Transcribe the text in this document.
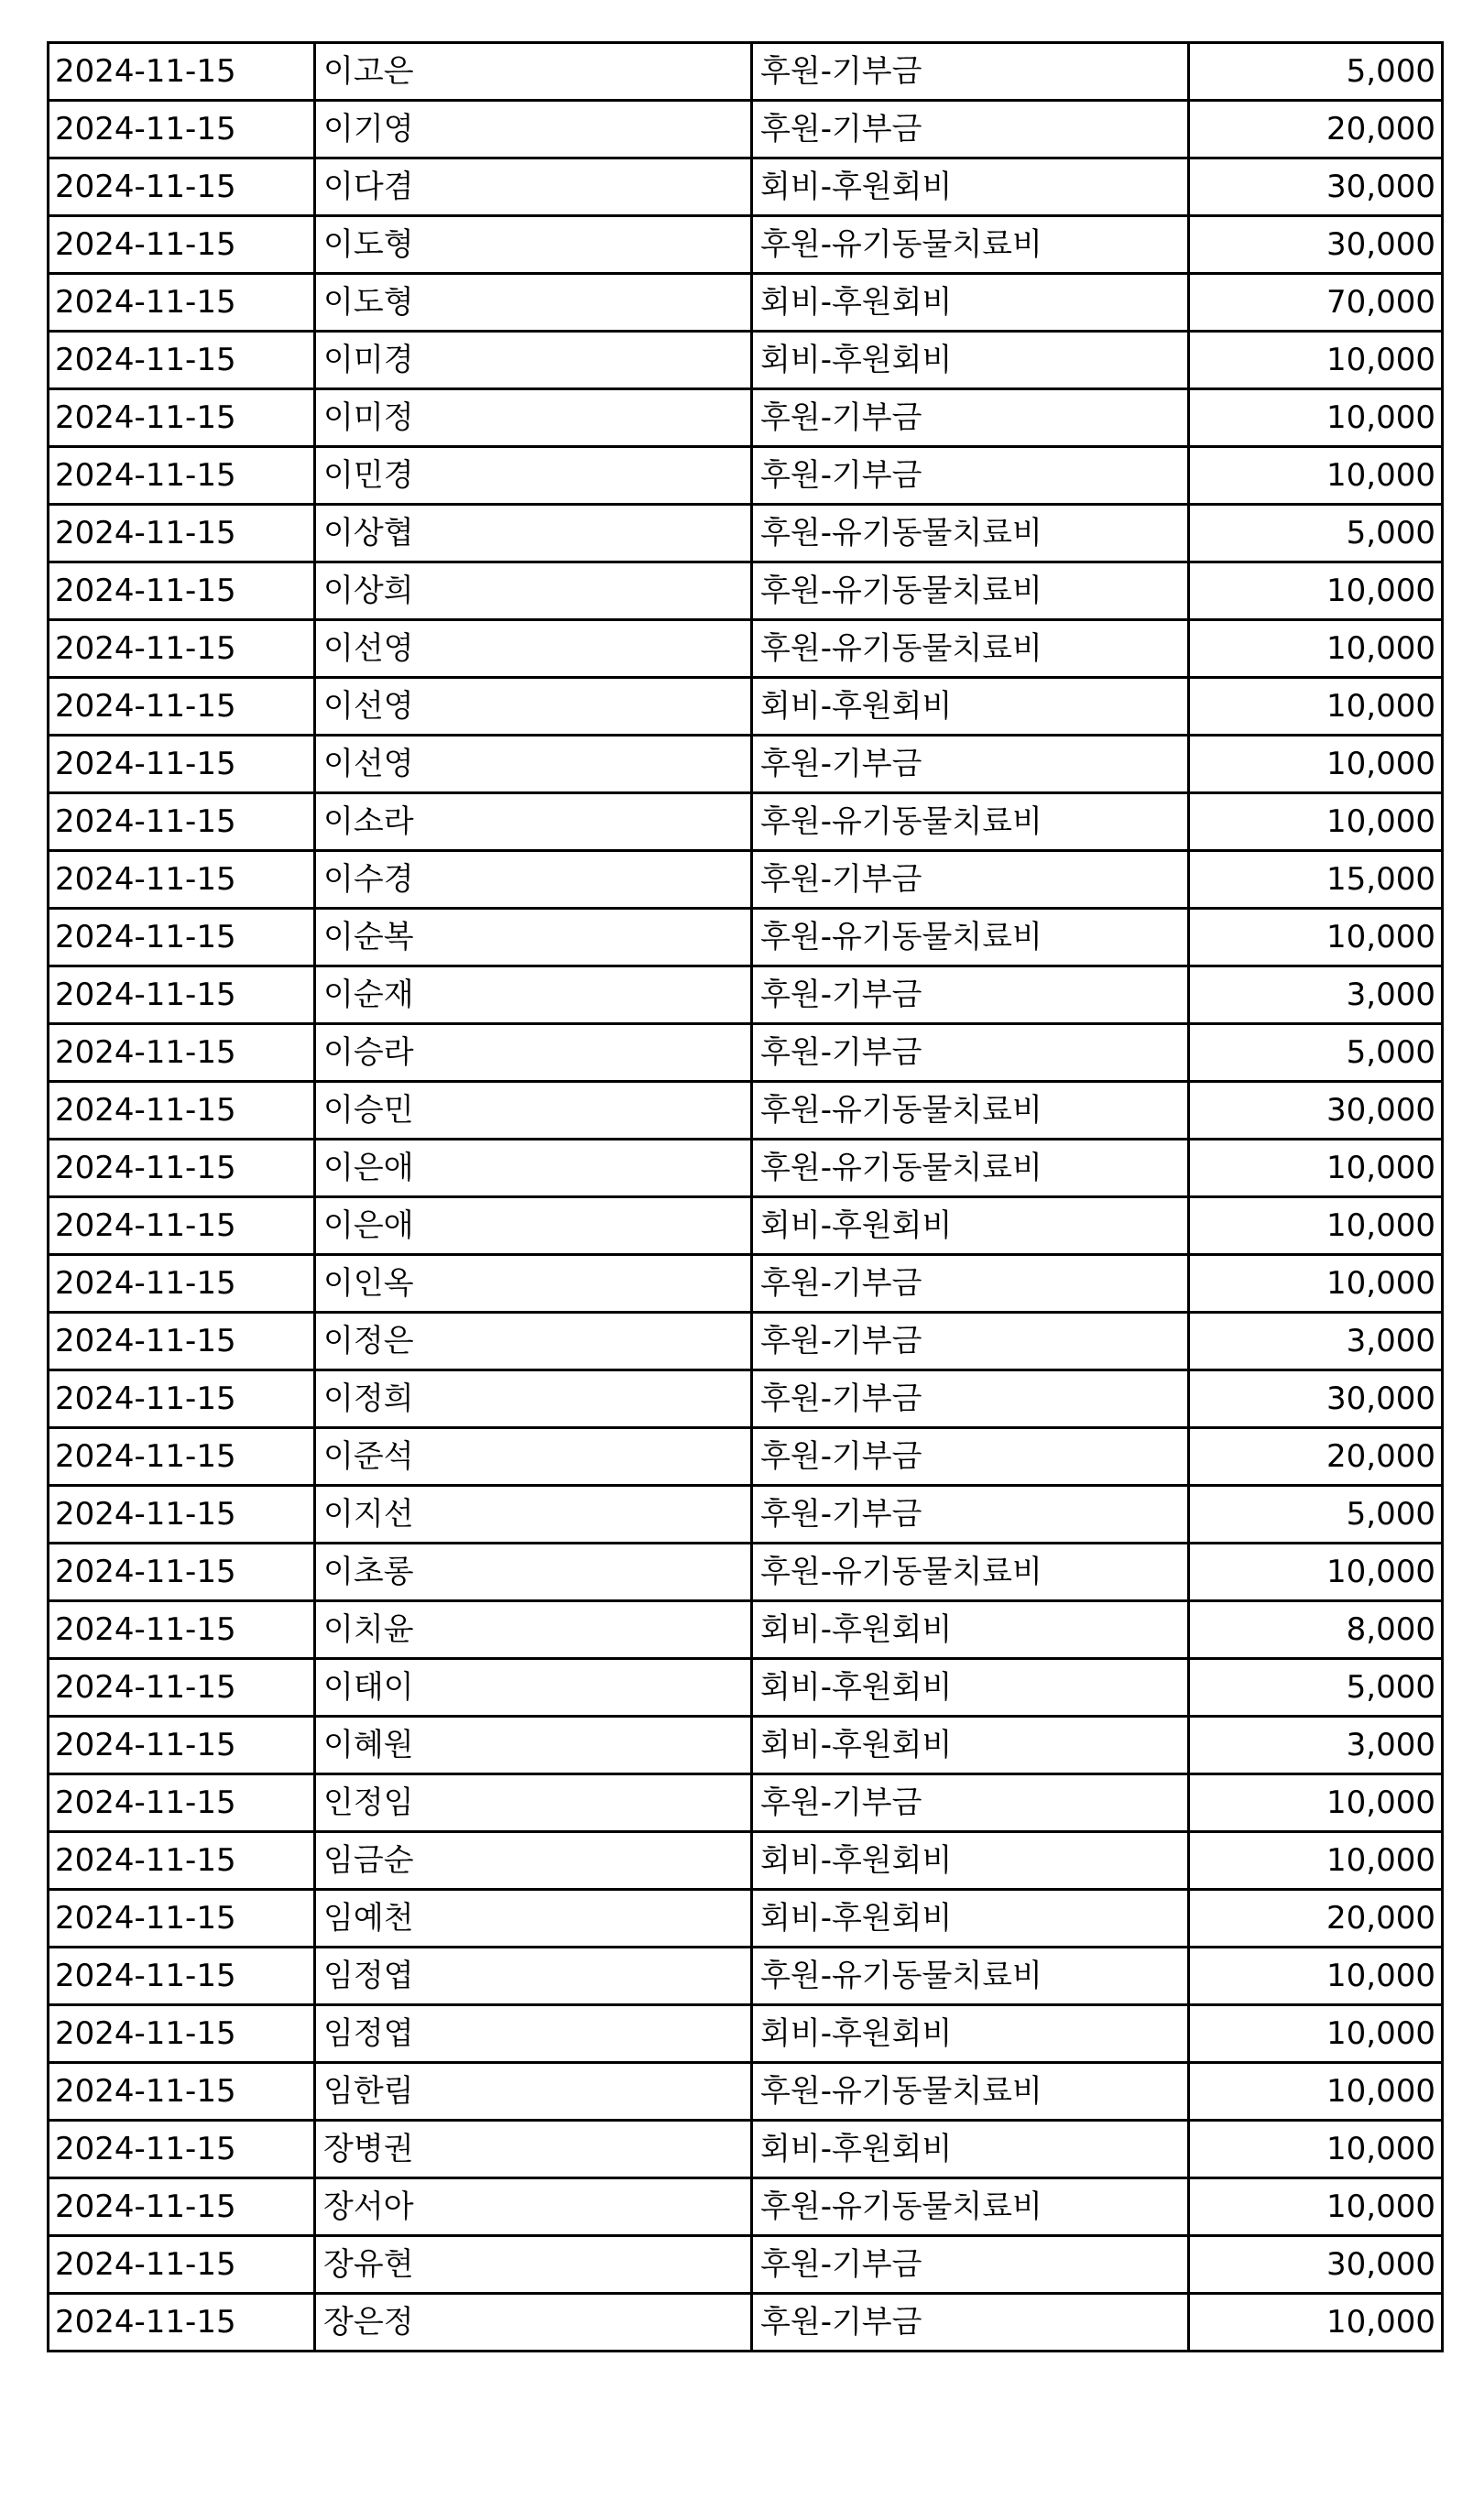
2024-11-15	이고은	후원-기부금	5,000
2024-11-15	이기영	후원-기부금	20,000
2024-11-15	이다겸	회비-후원회비	30,000
2024-11-15	이도형	후원-유기동물치료비	30,000
2024-11-15	이도형	회비-후원회비	70,000
2024-11-15	이미경	회비-후원회비	10,000
2024-11-15	이미정	후원-기부금	10,000
2024-11-15	이민경	후원-기부금	10,000
2024-11-15	이상협	후원-유기동물치료비	5,000
2024-11-15	이상희	후원-유기동물치료비	10,000
2024-11-15	이선영	후원-유기동물치료비	10,000
2024-11-15	이선영	회비-후원회비	10,000
2024-11-15	이선영	후원-기부금	10,000
2024-11-15	이소라	후원-유기동물치료비	10,000
2024-11-15	이수경	후원-기부금	15,000
2024-11-15	이순복	후원-유기동물치료비	10,000
2024-11-15	이순재	후원-기부금	3,000
2024-11-15	이승라	후원-기부금	5,000
2024-11-15	이승민	후원-유기동물치료비	30,000
2024-11-15	이은애	후원-유기동물치료비	10,000
2024-11-15	이은애	회비-후원회비	10,000
2024-11-15	이인옥	후원-기부금	10,000
2024-11-15	이정은	후원-기부금	3,000
2024-11-15	이정희	후원-기부금	30,000
2024-11-15	이준석	후원-기부금	20,000
2024-11-15	이지선	후원-기부금	5,000
2024-11-15	이초롱	후원-유기동물치료비	10,000
2024-11-15	이치윤	회비-후원회비	8,000
2024-11-15	이태이	회비-후원회비	5,000
2024-11-15	이혜원	회비-후원회비	3,000
2024-11-15	인정임	후원-기부금	10,000
2024-11-15	임금순	회비-후원회비	10,000
2024-11-15	임예천	회비-후원회비	20,000
2024-11-15	임정엽	후원-유기동물치료비	10,000
2024-11-15	임정엽	회비-후원회비	10,000
2024-11-15	임한림	후원-유기동물치료비	10,000
2024-11-15	장병권	회비-후원회비	10,000
2024-11-15	장서아	후원-유기동물치료비	10,000
2024-11-15	장유현	후원-기부금	30,000
2024-11-15	장은정	후원-기부금	10,000
